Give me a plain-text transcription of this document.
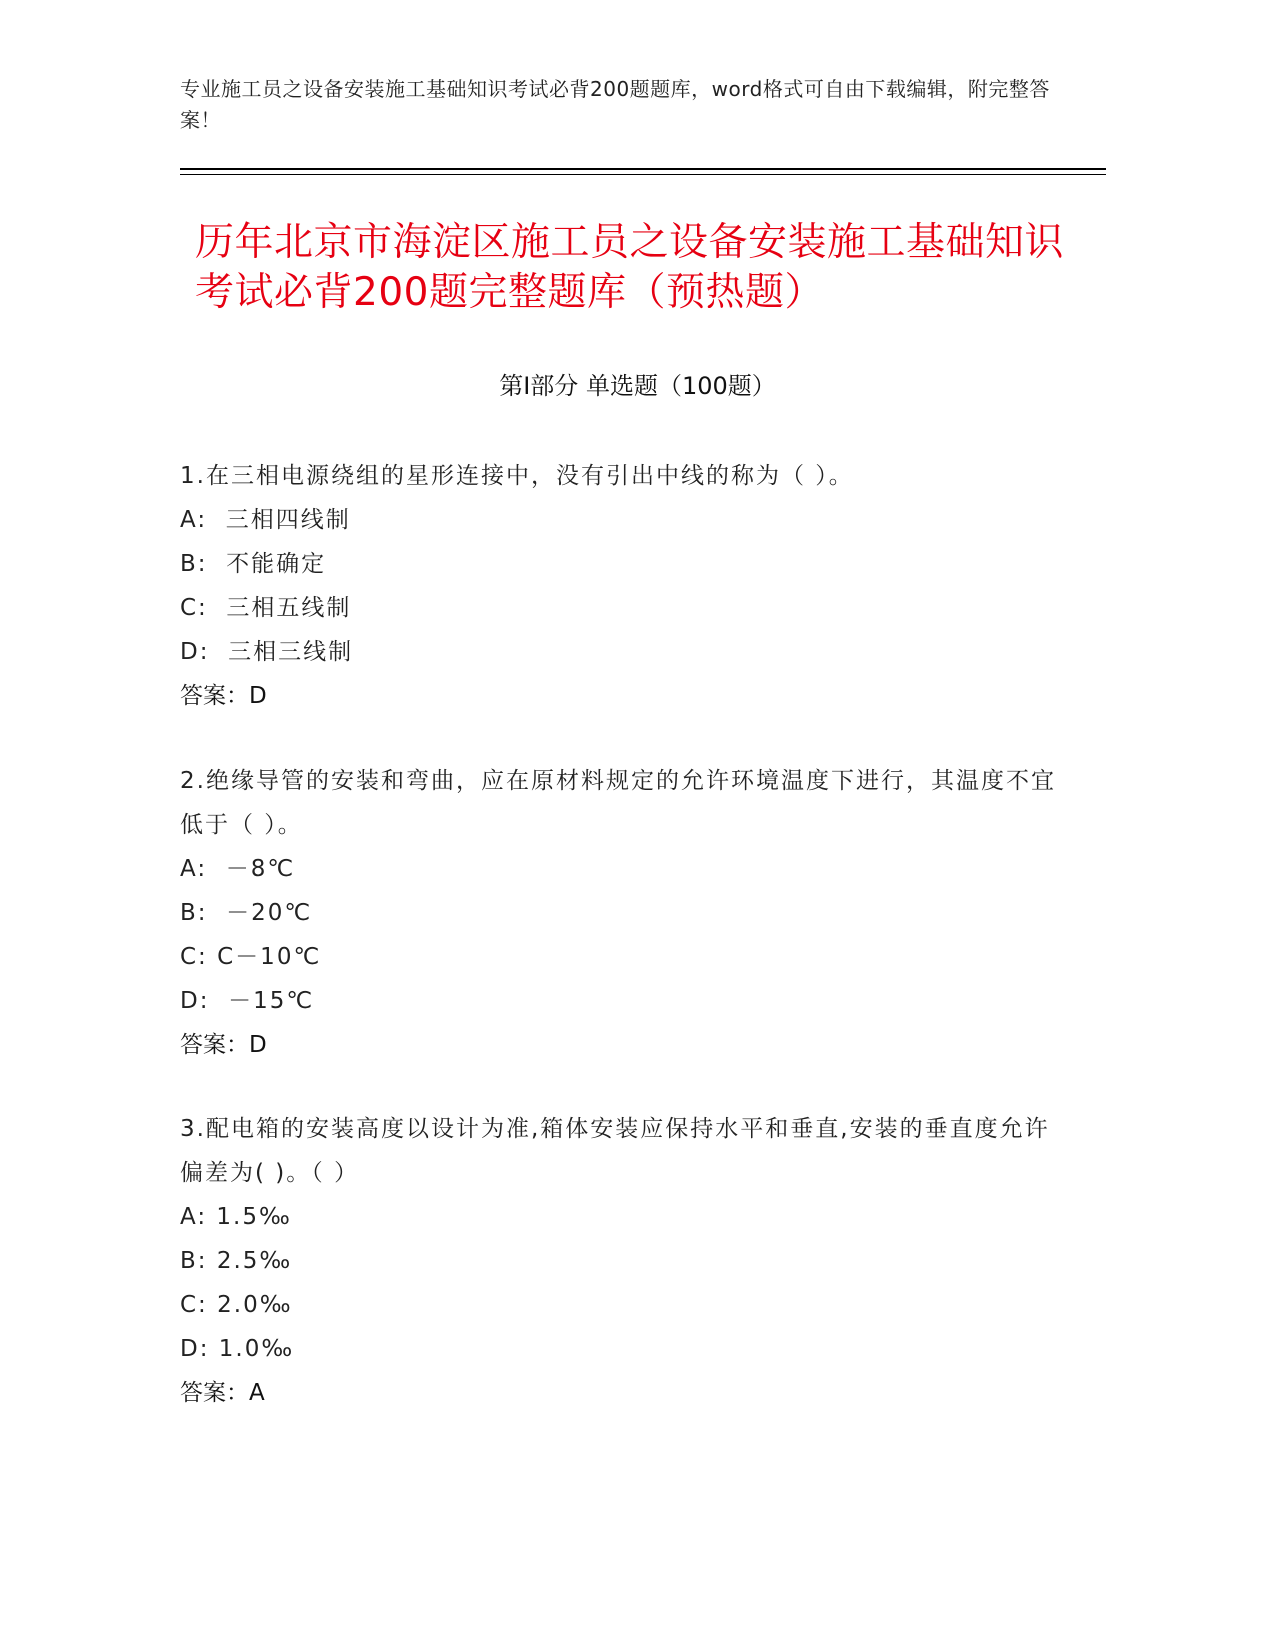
专业施工员之设备安装施工基础知识考试必背200题题库，word格式可自由下载编辑，附完整答案！
历年北京市海淀区施工员之设备安装施工基础知识考试必背200题完整题库（预热题）
第Ⅰ部分 单选题（100题）
1.在三相电源绕组的星形连接中，没有引出中线的称为（ ）。
A:  三相四线制
B:  不能确定
C:  三相五线制
D:  三相三线制
答案：D
2.绝缘导管的安装和弯曲，应在原材料规定的允许环境温度下进行，其温度不宜低于（ ）。
A:  －8℃
B:  －20℃
C: C－10℃
D:  －15℃
答案：D
3.配电箱的安装高度以设计为准,箱体安装应保持水平和垂直,安装的垂直度允许偏差为( )。（ ）
A: 1.5‰
B: 2.5‰
C: 2.0‰
D: 1.0‰
答案：A
